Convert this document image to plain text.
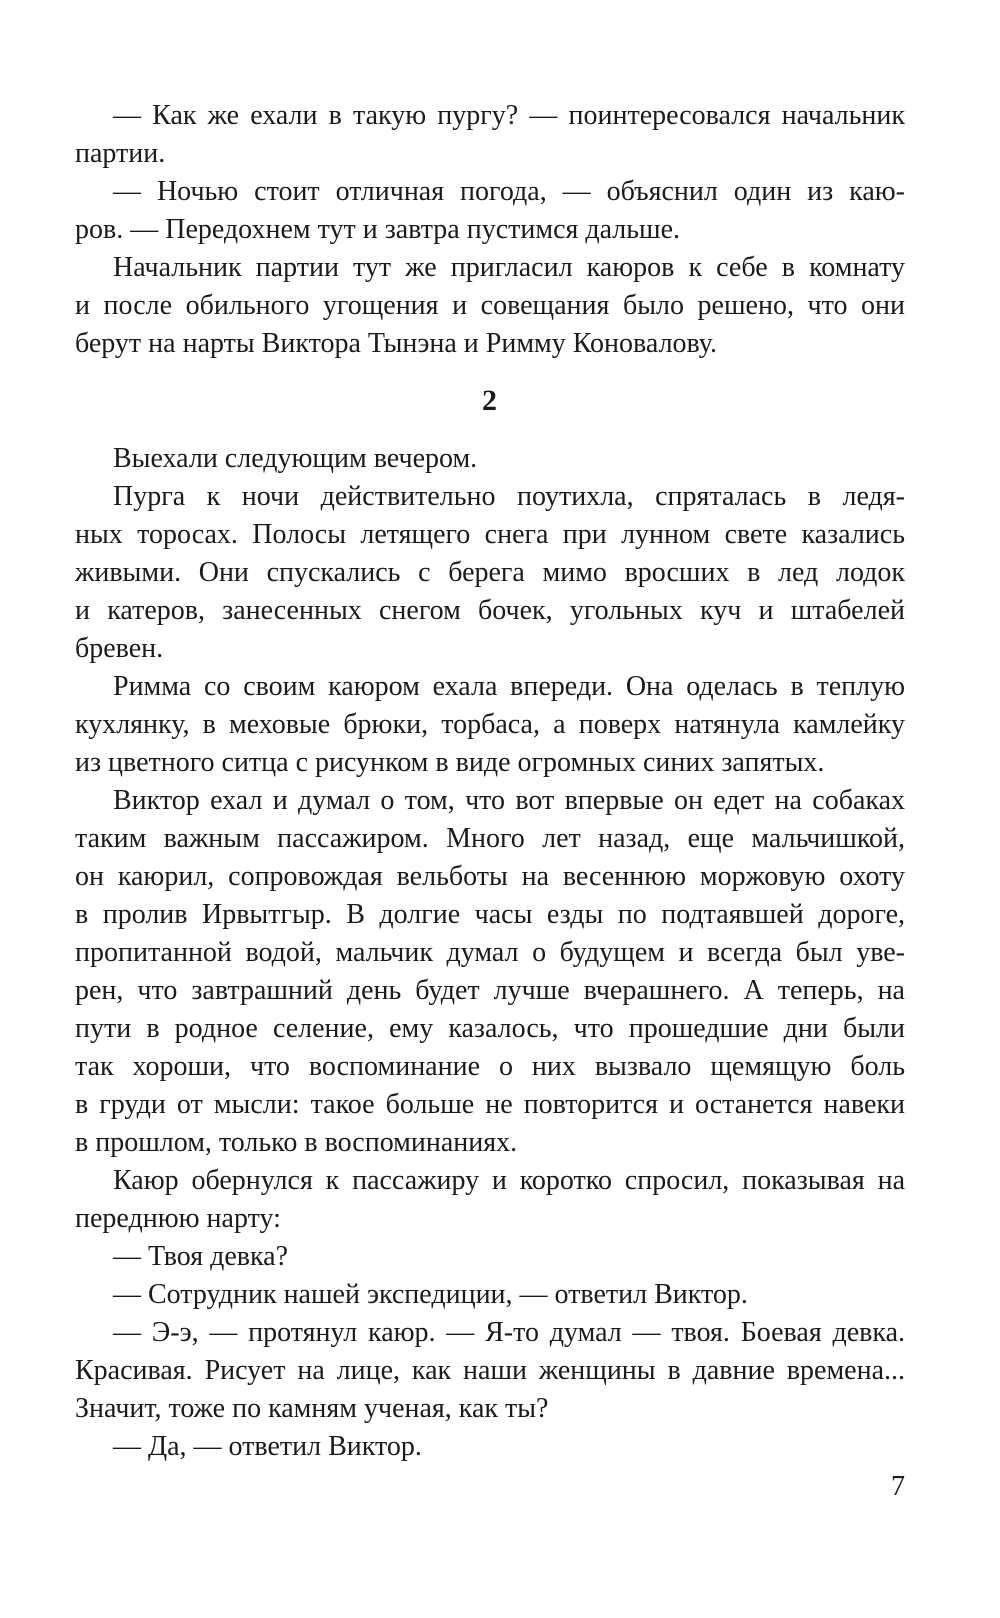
— Как же ехали в такую пургу? — поинтересовался начальник
партии.
— Ночью стоит отличная погода, — объяснил один из каю-
ров. — Передохнем тут и завтра пустимся дальше.
Начальник партии тут же пригласил каюров к себе в комнату
и после обильного угощения и совещания было решено, что они
берут на нарты Виктора Тынэна и Римму Коновалову.
2
Выехали следующим вечером.
Пурга к ночи действительно поутихла, спряталась в ледя-
ных торосах. Полосы летящего снега при лунном свете казались
живыми. Они спускались с берега мимо вросших в лед лодок
и катеров, занесенных снегом бочек, угольных куч и штабелей
бревен.
Римма со своим каюром ехала впереди. Она оделась в теплую
кухлянку, в меховые брюки, торбаса, а поверх натянула камлейку
из цветного ситца с рисунком в виде огромных синих запятых.
Виктор ехал и думал о том, что вот впервые он едет на собаках
таким важным пассажиром. Много лет назад, еще мальчишкой,
он каюрил, сопровождая вельботы на весеннюю моржовую охоту
в пролив Ирвытгыр. В долгие часы езды по подтаявшей дороге,
пропитанной водой, мальчик думал о будущем и всегда был уве-
рен, что завтрашний день будет лучше вчерашнего. А теперь, на
пути в родное селение, ему казалось, что прошедшие дни были
так хороши, что воспоминание о них вызвало щемящую боль
в груди от мысли: такое больше не повторится и останется навеки
в прошлом, только в воспоминаниях.
Каюр обернулся к пассажиру и коротко спросил, показывая на
переднюю нарту:
— Твоя девка?
— Сотрудник нашей экспедиции, — ответил Виктор.
— Э-э, — протянул каюр. — Я-то думал — твоя. Боевая девка.
Красивая. Рисует на лице, как наши женщины в давние времена...
Значит, тоже по камням ученая, как ты?
— Да, — ответил Виктор.
7
